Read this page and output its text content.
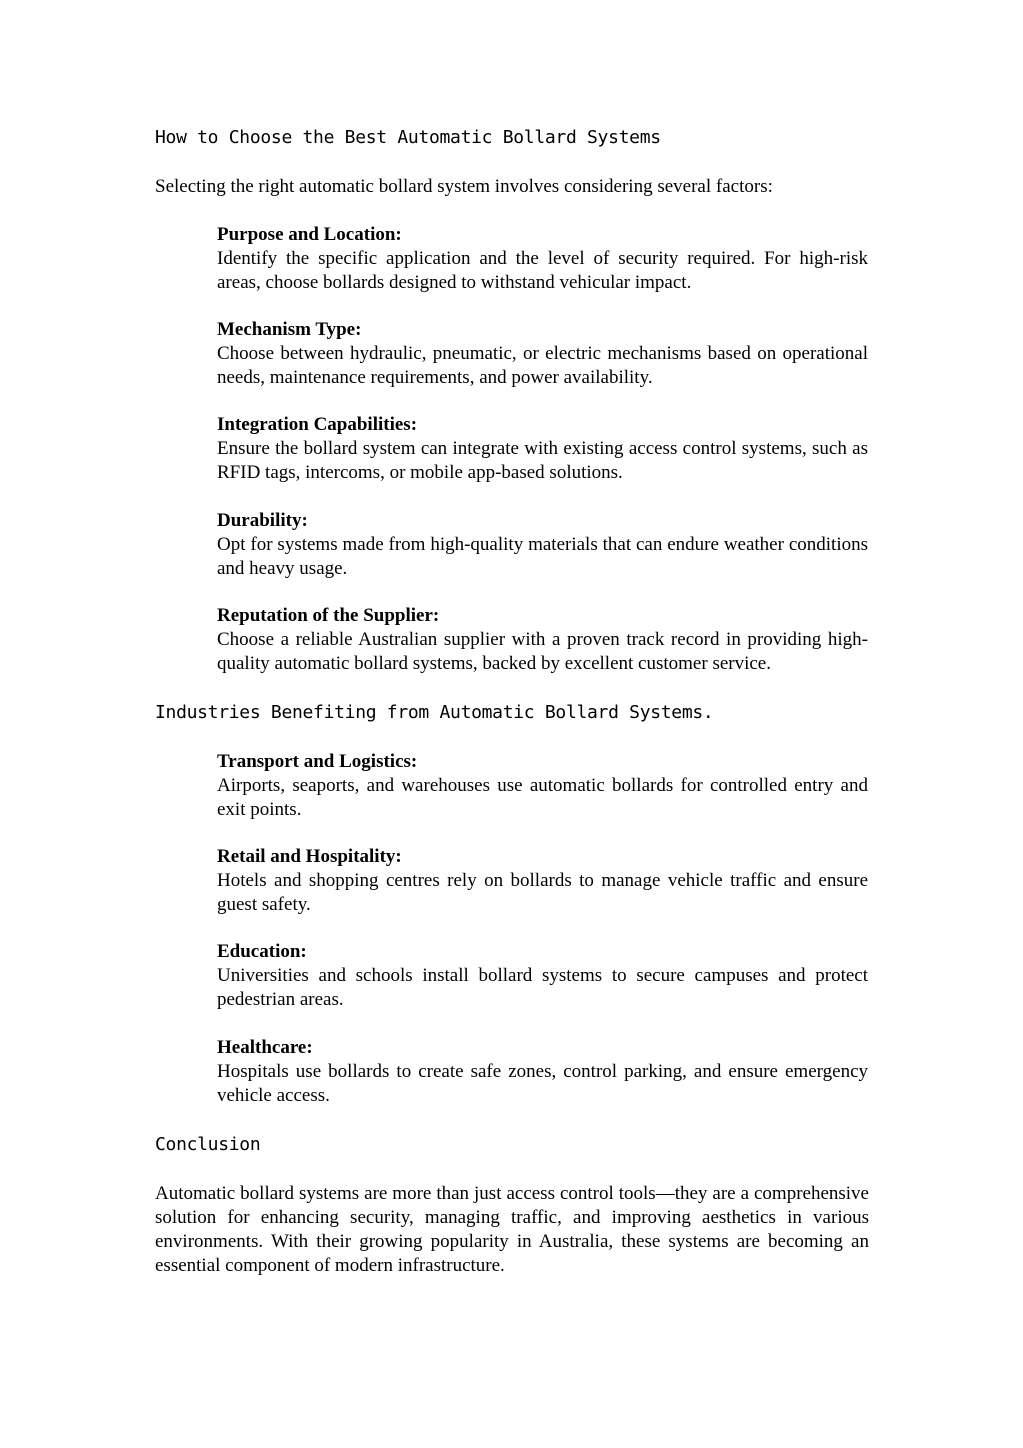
How to Choose the Best Automatic Bollard Systems
Selecting the right automatic bollard system involves considering several factors:
Purpose and Location:
Identify the specific application and the level of security required. For high-risk areas, choose bollards designed to withstand vehicular impact.
Mechanism Type:
Choose between hydraulic, pneumatic, or electric mechanisms based on operational needs, maintenance requirements, and power availability.
Integration Capabilities:
Ensure the bollard system can integrate with existing access control systems, such as RFID tags, intercoms, or mobile app-based solutions.
Durability:
Opt for systems made from high-quality materials that can endure weather conditions and heavy usage.
Reputation of the Supplier:
Choose a reliable Australian supplier with a proven track record in providing high-quality automatic bollard systems, backed by excellent customer service.
Industries Benefiting from Automatic Bollard Systems.
Transport and Logistics:
Airports, seaports, and warehouses use automatic bollards for controlled entry and exit points.
Retail and Hospitality:
Hotels and shopping centres rely on bollards to manage vehicle traffic and ensure guest safety.
Education:
Universities and schools install bollard systems to secure campuses and protect pedestrian areas.
Healthcare:
Hospitals use bollards to create safe zones, control parking, and ensure emergency vehicle access.
Conclusion
Automatic bollard systems are more than just access control tools—they are a comprehensive solution for enhancing security, managing traffic, and improving aesthetics in various environments. With their growing popularity in Australia, these systems are becoming an essential component of modern infrastructure.
